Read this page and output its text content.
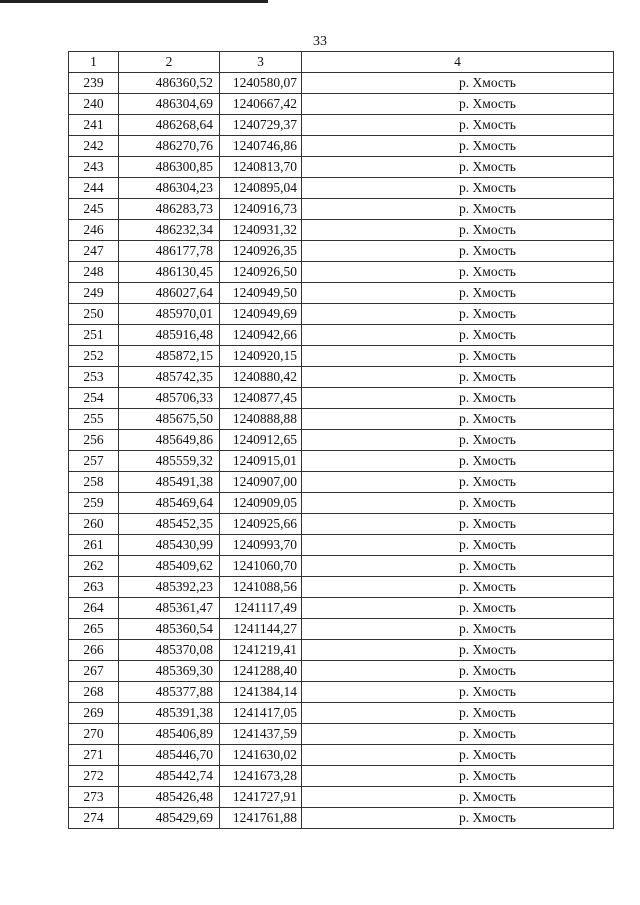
33
1	2	3	4
239	486360,52	1240580,07	р. Хмость
240	486304,69	1240667,42	р. Хмость
241	486268,64	1240729,37	р. Хмость
242	486270,76	1240746,86	р. Хмость
243	486300,85	1240813,70	р. Хмость
244	486304,23	1240895,04	р. Хмость
245	486283,73	1240916,73	р. Хмость
246	486232,34	1240931,32	р. Хмость
247	486177,78	1240926,35	р. Хмость
248	486130,45	1240926,50	р. Хмость
249	486027,64	1240949,50	р. Хмость
250	485970,01	1240949,69	р. Хмость
251	485916,48	1240942,66	р. Хмость
252	485872,15	1240920,15	р. Хмость
253	485742,35	1240880,42	р. Хмость
254	485706,33	1240877,45	р. Хмость
255	485675,50	1240888,88	р. Хмость
256	485649,86	1240912,65	р. Хмость
257	485559,32	1240915,01	р. Хмость
258	485491,38	1240907,00	р. Хмость
259	485469,64	1240909,05	р. Хмость
260	485452,35	1240925,66	р. Хмость
261	485430,99	1240993,70	р. Хмость
262	485409,62	1241060,70	р. Хмость
263	485392,23	1241088,56	р. Хмость
264	485361,47	1241117,49	р. Хмость
265	485360,54	1241144,27	р. Хмость
266	485370,08	1241219,41	р. Хмость
267	485369,30	1241288,40	р. Хмость
268	485377,88	1241384,14	р. Хмость
269	485391,38	1241417,05	р. Хмость
270	485406,89	1241437,59	р. Хмость
271	485446,70	1241630,02	р. Хмость
272	485442,74	1241673,28	р. Хмость
273	485426,48	1241727,91	р. Хмость
274	485429,69	1241761,88	р. Хмость
